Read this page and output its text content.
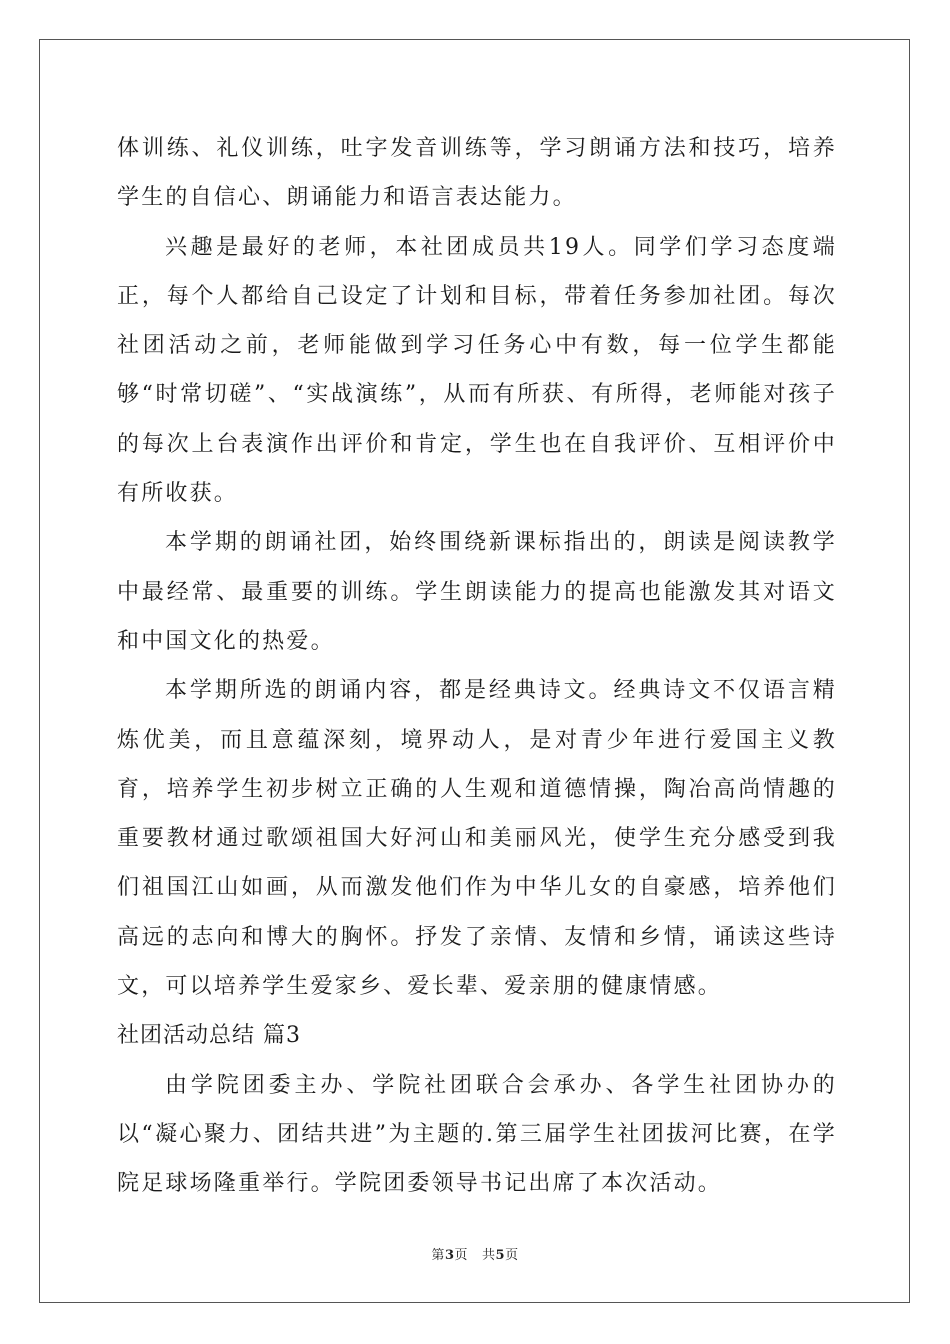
体训练、礼仪训练，吐字发音训练等，学习朗诵方法和技巧，培养学生的自信心、朗诵能力和语言表达能力。

兴趣是最好的老师，本社团成员共19人。同学们学习态度端正，每个人都给自己设定了计划和目标，带着任务参加社团。每次社团活动之前，老师能做到学习任务心中有数，每一位学生都能够“时常切磋”、“实战演练”，从而有所获、有所得，老师能对孩子的每次上台表演作出评价和肯定，学生也在自我评价、互相评价中有所收获。

本学期的朗诵社团，始终围绕新课标指出的，朗读是阅读教学中最经常、最重要的训练。学生朗读能力的提高也能激发其对语文和中国文化的热爱。

本学期所选的朗诵内容，都是经典诗文。经典诗文不仅语言精炼优美，而且意蕴深刻，境界动人，是对青少年进行爱国主义教育，培养学生初步树立正确的人生观和道德情操，陶冶高尚情趣的重要教材通过歌颂祖国大好河山和美丽风光，使学生充分感受到我们祖国江山如画，从而激发他们作为中华儿女的自豪感，培养他们高远的志向和博大的胸怀。抒发了亲情、友情和乡情，诵读这些诗文，可以培养学生爱家乡、爱长辈、爱亲朋的健康情感。

社团活动总结 篇3

由学院团委主办、学院社团联合会承办、各学生社团协办的以“凝心聚力、团结共进”为主题的.第三届学生社团拔河比赛，在学院足球场隆重举行。学院团委领导书记出席了本次活动。

第3页 共5页
